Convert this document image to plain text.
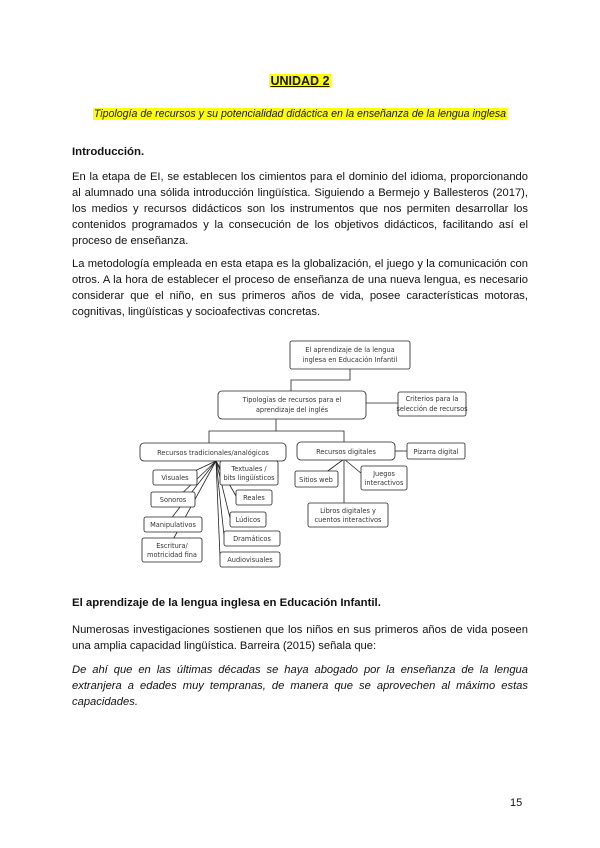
UNIDAD 2
Tipología de recursos y su potencialidad didáctica en la enseñanza de la lengua inglesa
Introducción.
En la etapa de EI, se establecen los cimientos para el dominio del idioma, proporcionando al alumnado una sólida introducción lingüística. Siguiendo a Bermejo y Ballesteros (2017), los medios y recursos didácticos son los instrumentos que nos permiten desarrollar los contenidos programados y la consecución de los objetivos didácticos, facilitando así el proceso de enseñanza.
La metodología empleada en esta etapa es la globalización, el juego y la comunicación con otros. A la hora de establecer el proceso de enseñanza de una nueva lengua, es necesario considerar que el niño, en sus primeros años de vida, posee características motoras, cognitivas, lingüísticas y socioafectivas concretas.
El aprendizaje de la lengua
inglesa en Educación Infantil
Tipologías de recursos para el
aprendizaje del inglés
Criterios para la
selección de recursos
Recursos tradicionales/analógicos	Recursos digitales	Pizarra digital
Visuales
Sonoros
Manipulativos
Escritura/
motricidad fina
Textuales /
bits lingüísticos
Reales
Lúdicos
Dramáticos
Audiovisuales
Sitios web
Juegos
interactivos
Libros digitales y
cuentos interactivos
El aprendizaje de la lengua inglesa en Educación Infantil.
Numerosas investigaciones sostienen que los niños en sus primeros años de vida poseen una amplia capacidad lingüística. Barreira (2015) señala que:
De ahí que en las últimas décadas se haya abogado por la enseñanza de la lengua extranjera a edades muy tempranas, de manera que se aprovechen al máximo estas capacidades.
15
